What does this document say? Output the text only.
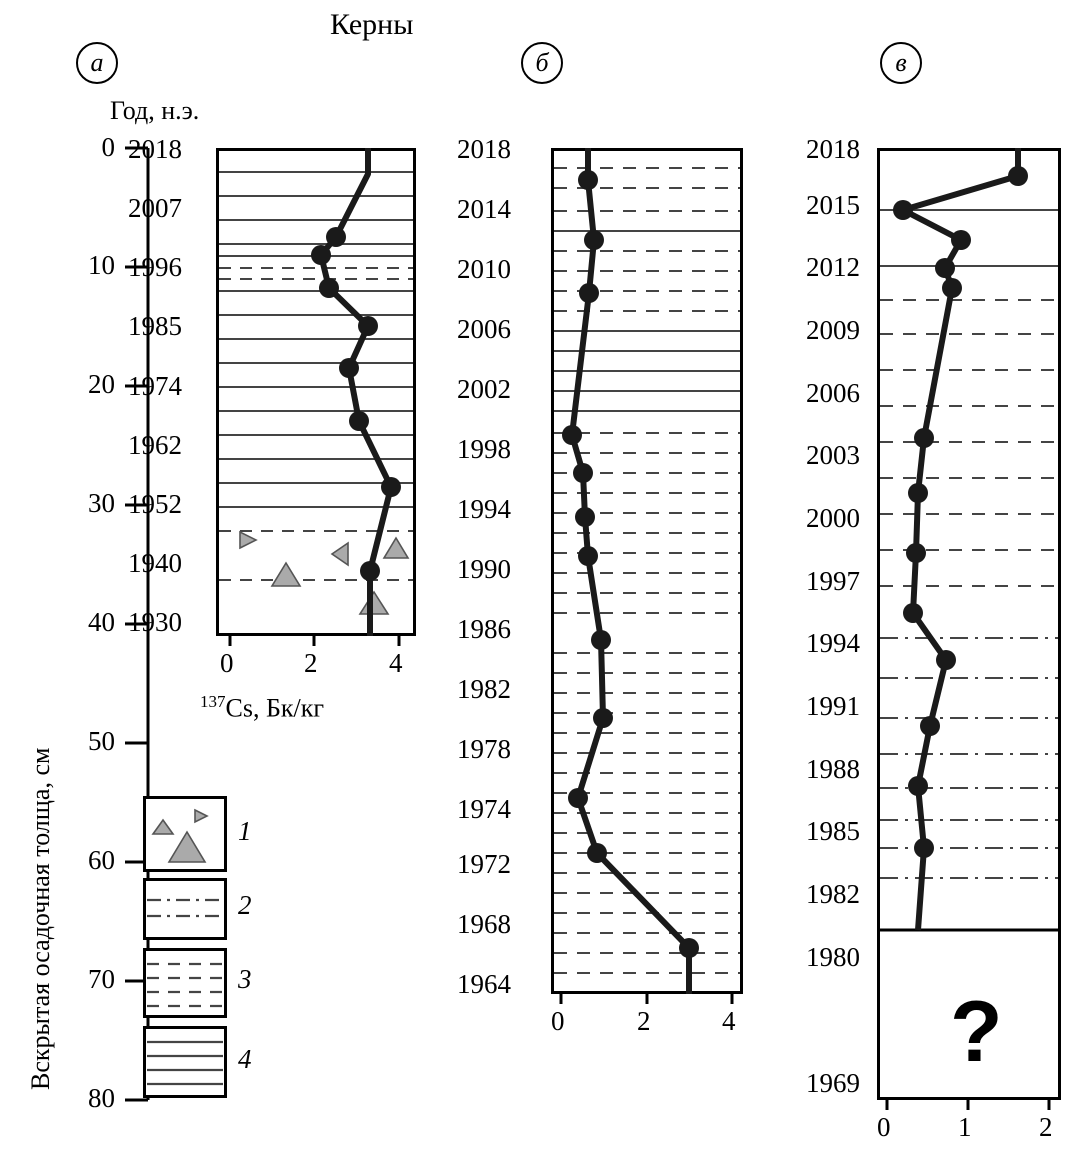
Керны
Вскрытая осадочная толща, см
0
10
20
30
40
50
60
70
80
а
Год, н.э.
2018
2007
1996
1985
1974
1962
1952
1940
1930
0	2	4
$^{137}$Cs, Бк/кг
б
2018
2014
2010
2006
2002
1998
1994
1990
1986
1982
1978
1974
1972
1968
1964
0	2	4
в
2018
2015
2012
2009
2006
2003
2000
1997
1994
1991
1988
1985
1982
1980
1969
?
0	1	2
1
2
3
4
